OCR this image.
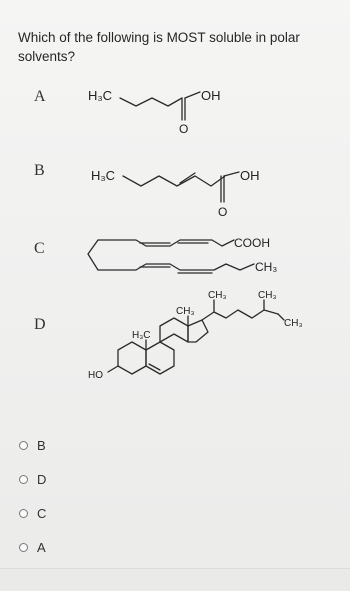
Which of the following is MOST soluble in polar solvents?
A	H₃C
O
OH
B	H₃C
O
OH
C	COOH
CH₃
D
HO
H₃C
CH₃
CH₃	CH₃
CH₃
B
D
C
A
